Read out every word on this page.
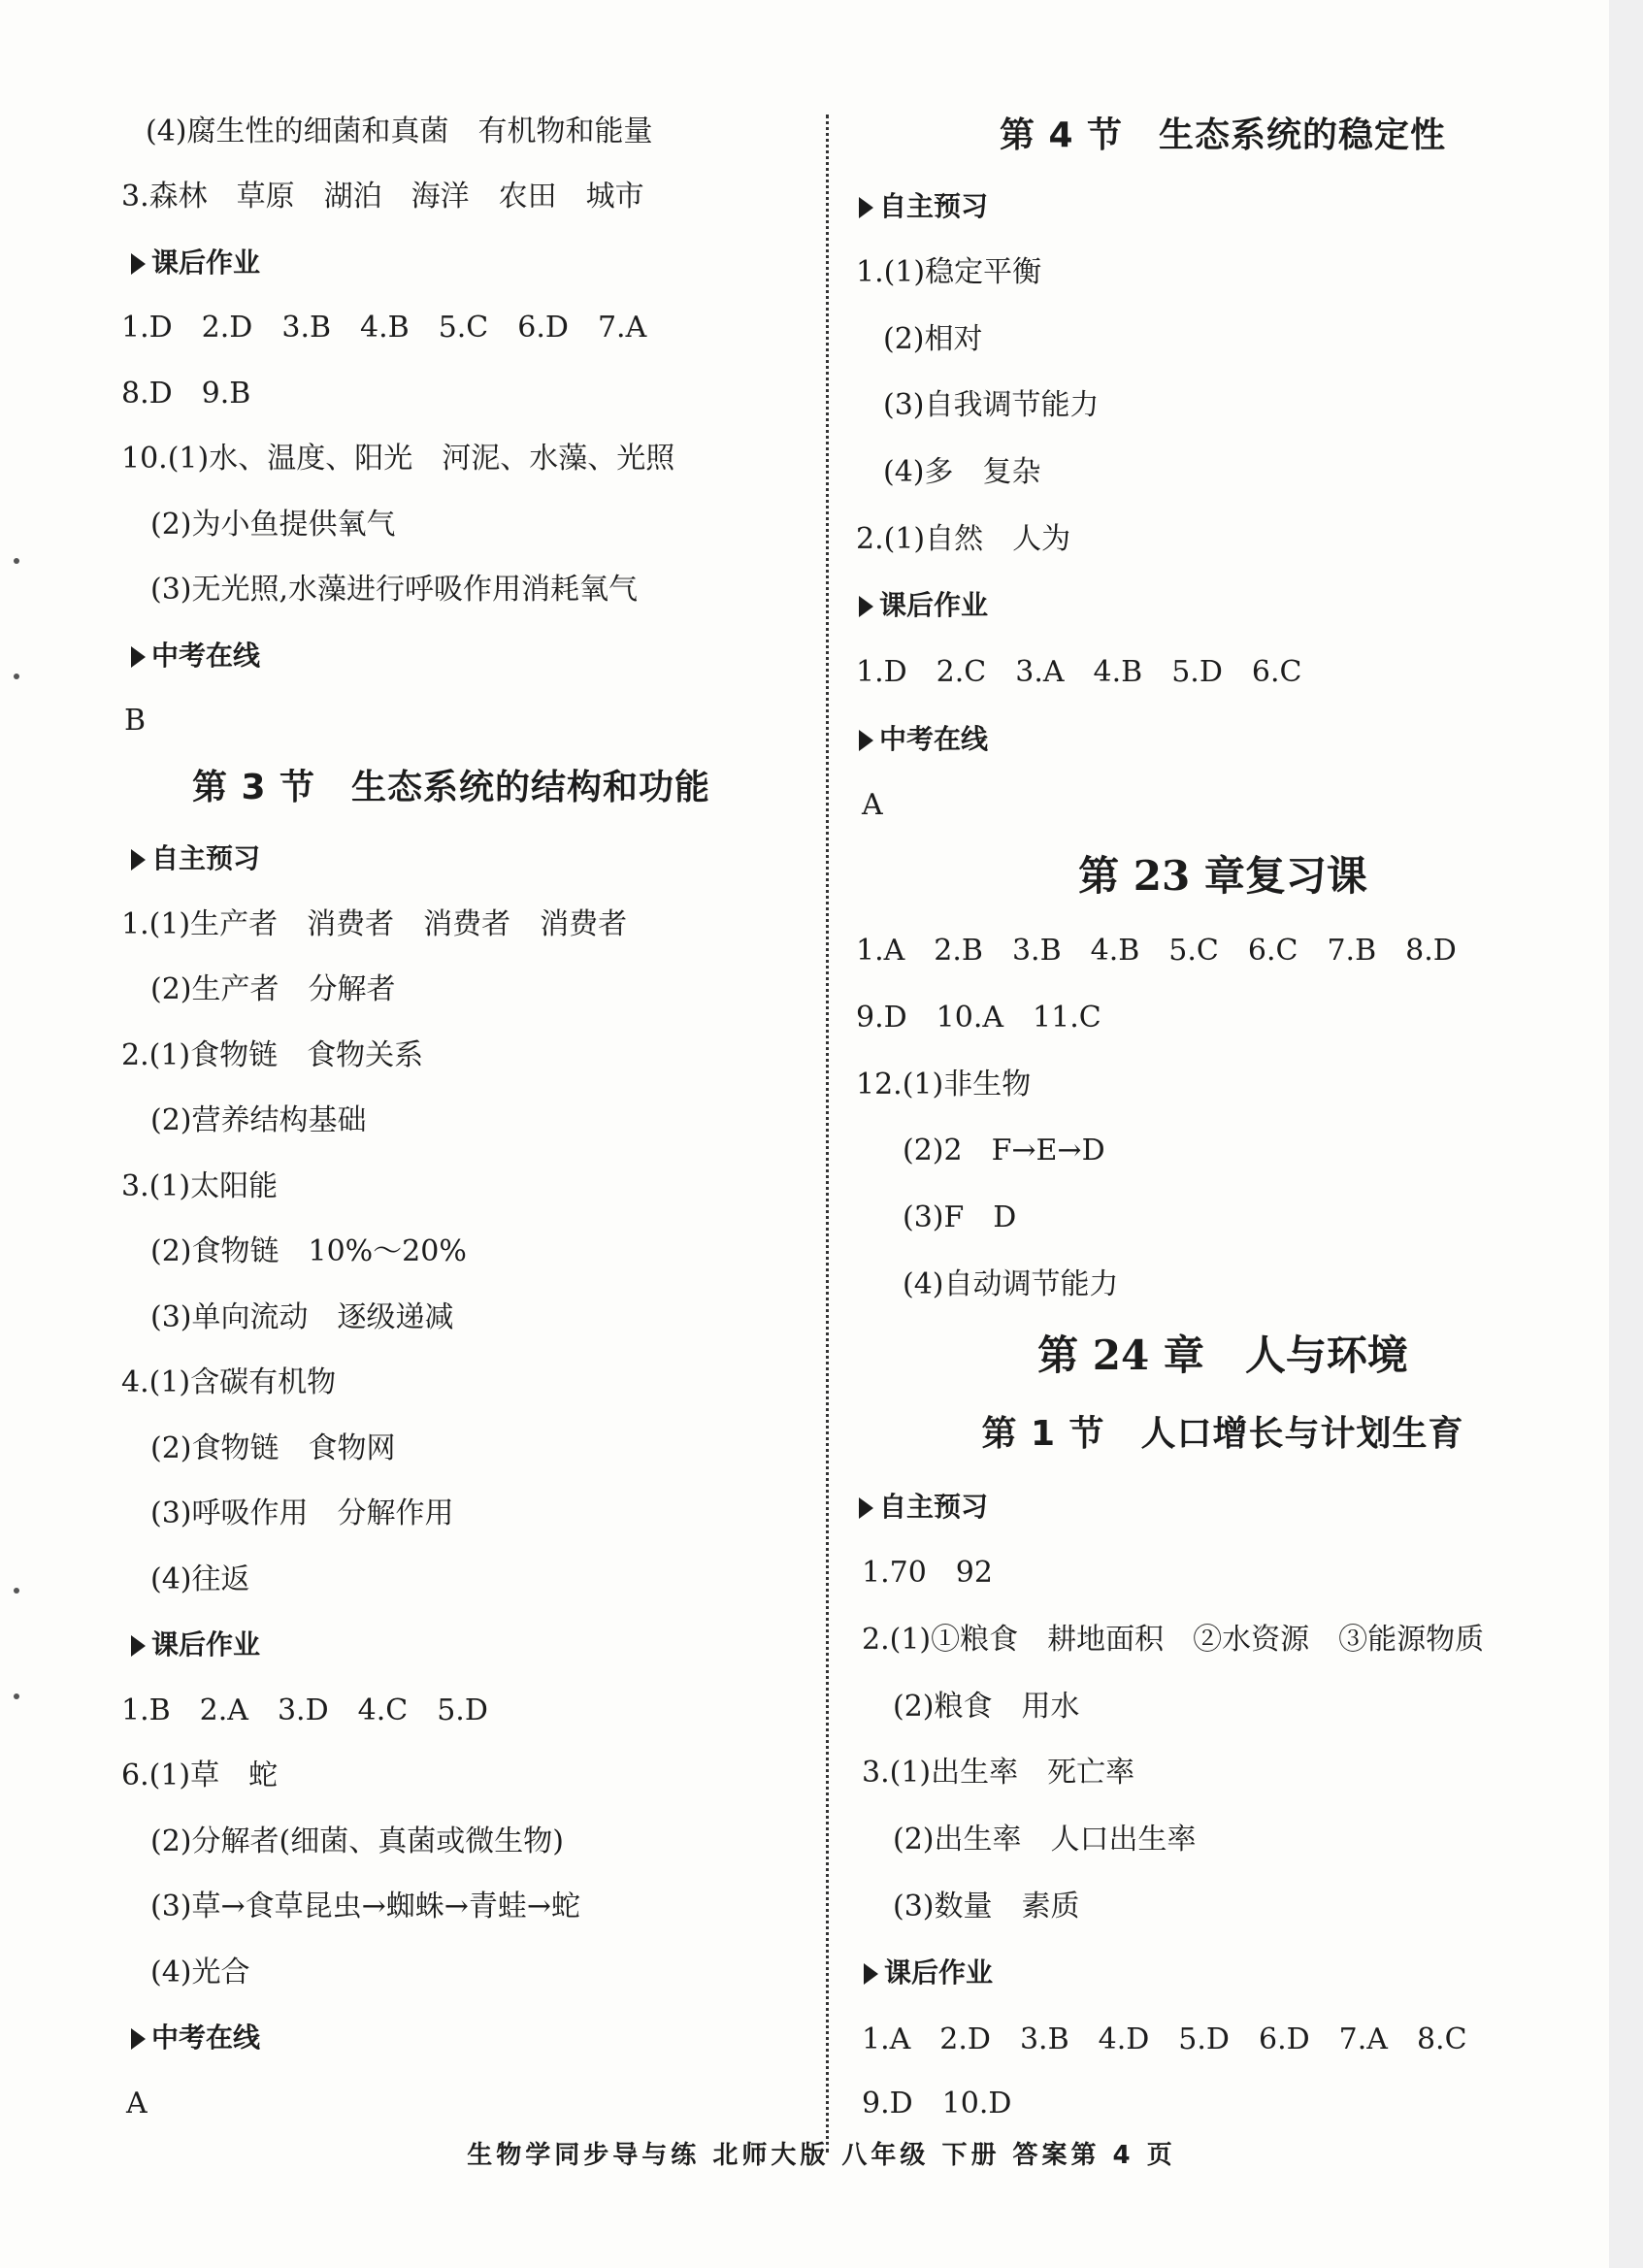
(4)腐生性的细菌和真菌　有机物和能量
3.森林　草原　湖泊　海洋　农田　城市
课后作业
1.D　2.D　3.B　4.B　5.C　6.D　7.A
8.D　9.B
10.(1)水、温度、阳光　河泥、水藻、光照
(2)为小鱼提供氧气
(3)无光照,水藻进行呼吸作用消耗氧气
中考在线
B
第 3 节　生态系统的结构和功能
自主预习
1.(1)生产者　消费者　消费者　消费者
(2)生产者　分解者
2.(1)食物链　食物关系
(2)营养结构基础
3.(1)太阳能
(2)食物链　10%～20%
(3)单向流动　逐级递减
4.(1)含碳有机物
(2)食物链　食物网
(3)呼吸作用　分解作用
(4)往返
课后作业
1.B　2.A　3.D　4.C　5.D
6.(1)草　蛇
(2)分解者(细菌、真菌或微生物)
(3)草→食草昆虫→蜘蛛→青蛙→蛇
(4)光合
中考在线
A
第 4 节　生态系统的稳定性
自主预习
1.(1)稳定平衡
(2)相对
(3)自我调节能力
(4)多　复杂
2.(1)自然　人为
课后作业
1.D　2.C　3.A　4.B　5.D　6.C
中考在线
A
第 23 章复习课
1.A　2.B　3.B　4.B　5.C　6.C　7.B　8.D
9.D　10.A　11.C
12.(1)非生物
(2)2　F→E→D
(3)F　D
(4)自动调节能力
第 24 章　人与环境
第 1 节　人口增长与计划生育
自主预习
1.70　92
2.(1)①粮食　耕地面积　②水资源　③能源物质
(2)粮食　用水
3.(1)出生率　死亡率
(2)出生率　人口出生率
(3)数量　素质
课后作业
1.A　2.D　3.B　4.D　5.D　6.D　7.A　8.C
9.D　10.D
生物学同步导与练 北师大版 八年级 下册 答案第 4 页
